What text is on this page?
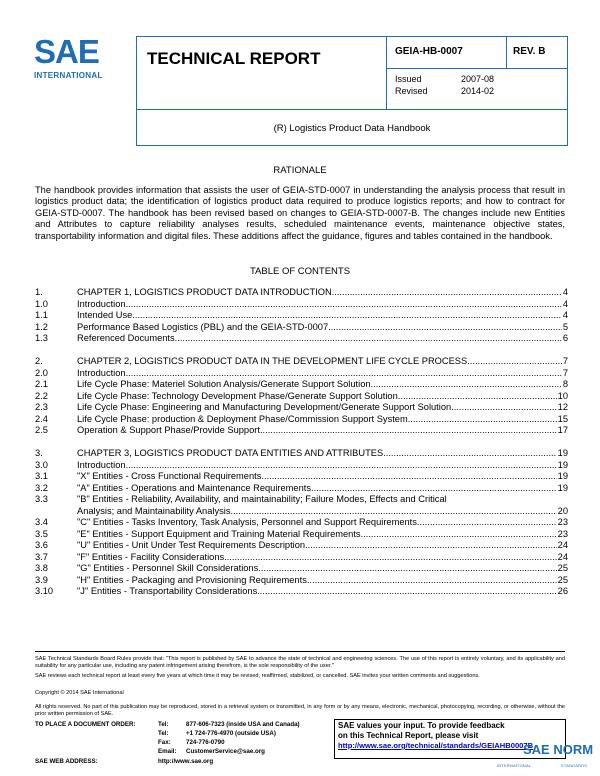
SAE
INTERNATIONAL
TECHNICAL REPORT	GEIA-HB-0007	REV. B
Issued	2007-08
Revised	2014-02
(R) Logistics Product Data Handbook
RATIONALE
The handbook provides information that assists the user of GEIA-STD-0007 in understanding the analysis process that result in logistics product data; the identification of logistics product data required to produce logistics reports; and how to contract for GEIA-STD-0007. The handbook has been revised based on changes to GEIA-STD-0007-B. The changes include new Entities and Attributes to capture reliability analyses results, scheduled maintenance events, maintenance objective states, transportability information and digital files. These additions affect the guidance, figures and tables contained in the handbook.
TABLE OF CONTENTS
1.	CHAPTER 1, LOGISTICS PRODUCT DATA INTRODUCTION .....	4
1.0	Introduction .....	4
1.1	Intended Use .....	4
1.2	Performance Based Logistics (PBL) and the GEIA-STD-0007 .....	5
1.3	Referenced Documents .....	6
2.	CHAPTER 2, LOGISTICS PRODUCT DATA IN THE DEVELOPMENT LIFE CYCLE PROCESS .....	7
2.0	Introduction .....	7
2.1	Life Cycle Phase: Materiel Solution Analysis/Generate Support Solution .....	8
2.2	Life Cycle Phase: Technology Development Phase/Generate Support Solution .....	10
2.3	Life Cycle Phase: Engineering and Manufacturing Development/Generate Support Solution .....	12
2.4	Life Cycle Phase: production & Deployment Phase/Commission Support System .....	15
2.5	Operation & Support Phase/Provide Support .....	17
3.	CHAPTER 3, LOGISTICS PRODUCT DATA ENTITIES AND ATTRIBUTES .....	19
3.0	Introduction .....	19
3.1	"X" Entities - Cross Functional Requirements .....	19
3.2	"A" Entities - Operations and Maintenance Requirements .....	19
3.3	"B" Entities - Reliability, Availability, and maintainability; Failure Modes, Effects and Critical
Analysis; and Maintainability Analysis .....	20
3.4	"C" Entities - Tasks Inventory, Task Analysis, Personnel and Support Requirements .....	23
3.5	"E" Entities - Support Equipment and Training Material Requirements .....	23
3.6	"U" Entities - Unit Under Test Requirements Description .....	24
3.7	"F" Entities - Facility Considerations .....	24
3.8	"G" Entities - Personnel Skill Considerations .....	25
3.9	"H" Entities - Packaging and Provisioning Requirements .....	25
3.10	"J" Entities - Transportability Considerations .....	26
SAE Technical Standards Board Rules provide that: "This report is published by SAE to advance the state of technical and engineering sciences. The use of this report is entirely voluntary, and its applicability and suitability for any particular use, including any patent infringement arising therefrom, is the sole responsibility of the user."
SAE reviews each technical report at least every five years at which time it may be revised, reaffirmed, stabilized, or cancelled. SAE invites your written comments and suggestions.
Copyright © 2014 SAE International
All rights reserved. No part of this publication may be reproduced, stored in a retrieval system or transmitted, in any form or by any means, electronic, mechanical, photocopying, recording, or otherwise, without the prior written permission of SAE.
TO PLACE A DOCUMENT ORDER:	Tel:	877-606-7323 (inside USA and Canada)
Tel:	+1 724-776-4970 (outside USA)
Fax: 724-776-0790
Email: CustomerService@sae.org
SAE WEB ADDRESS:	http://www.sae.org
SAE values your input. To provide feedback
on this Technical Report, please visit
http://www.sae.org/technical/standards/GEIAHB0007B
SAE NORM
INTERNATIONAL	STANDARDS
